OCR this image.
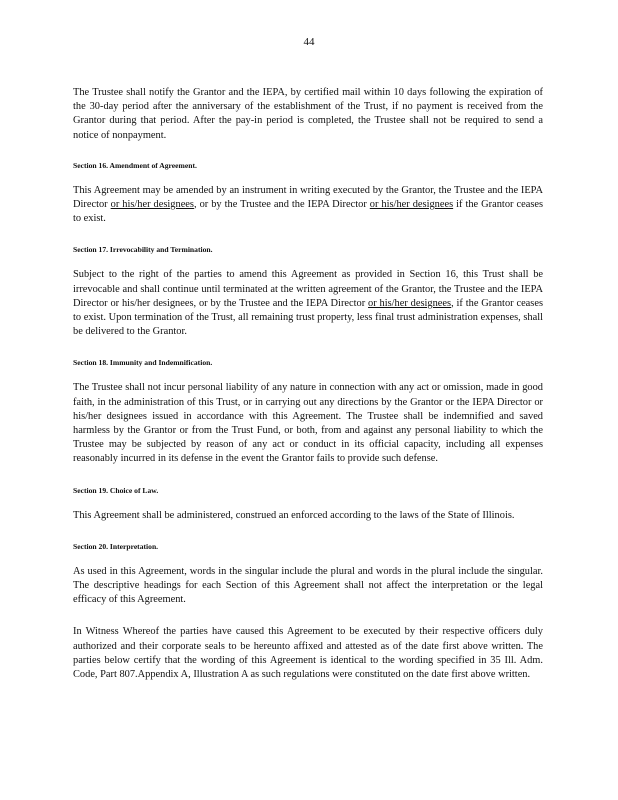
44

The Trustee shall notify the Grantor and the IEPA, by certified mail within 10 days following the expiration of the 30-day period after the anniversary of the establishment of the Trust, if no payment is received from the Grantor during that period. After the pay-in period is completed, the Trustee shall not be required to send a notice of nonpayment.

Section 16. Amendment of Agreement.

This Agreement may be amended by an instrument in writing executed by the Grantor, the Trustee and the IEPA Director or his/her designees, or by the Trustee and the IEPA Director or his/her designees if the Grantor ceases to exist.

Section 17. Irrevocability and Termination.

Subject to the right of the parties to amend this Agreement as provided in Section 16, this Trust shall be irrevocable and shall continue until terminated at the written agreement of the Grantor, the Trustee and the IEPA Director or his/her designees, or by the Trustee and the IEPA Director or his/her designees, if the Grantor ceases to exist. Upon termination of the Trust, all remaining trust property, less final trust administration expenses, shall be delivered to the Grantor.

Section 18. Immunity and Indemnification.

The Trustee shall not incur personal liability of any nature in connection with any act or omission, made in good faith, in the administration of this Trust, or in carrying out any directions by the Grantor or the IEPA Director or his/her designees issued in accordance with this Agreement. The Trustee shall be indemnified and saved harmless by the Grantor or from the Trust Fund, or both, from and against any personal liability to which the Trustee may be subjected by reason of any act or conduct in its official capacity, including all expenses reasonably incurred in its defense in the event the Grantor fails to provide such defense.

Section 19. Choice of Law.

This Agreement shall be administered, construed an enforced according to the laws of the State of Illinois.

Section 20. Interpretation.

As used in this Agreement, words in the singular include the plural and words in the plural include the singular. The descriptive headings for each Section of this Agreement shall not affect the interpretation or the legal efficacy of this Agreement.

In Witness Whereof the parties have caused this Agreement to be executed by their respective officers duly authorized and their corporate seals to be hereunto affixed and attested as of the date first above written. The parties below certify that the wording of this Agreement is identical to the wording specified in 35 Ill. Adm. Code, Part 807.Appendix A, Illustration A as such regulations were constituted on the date first above written.
